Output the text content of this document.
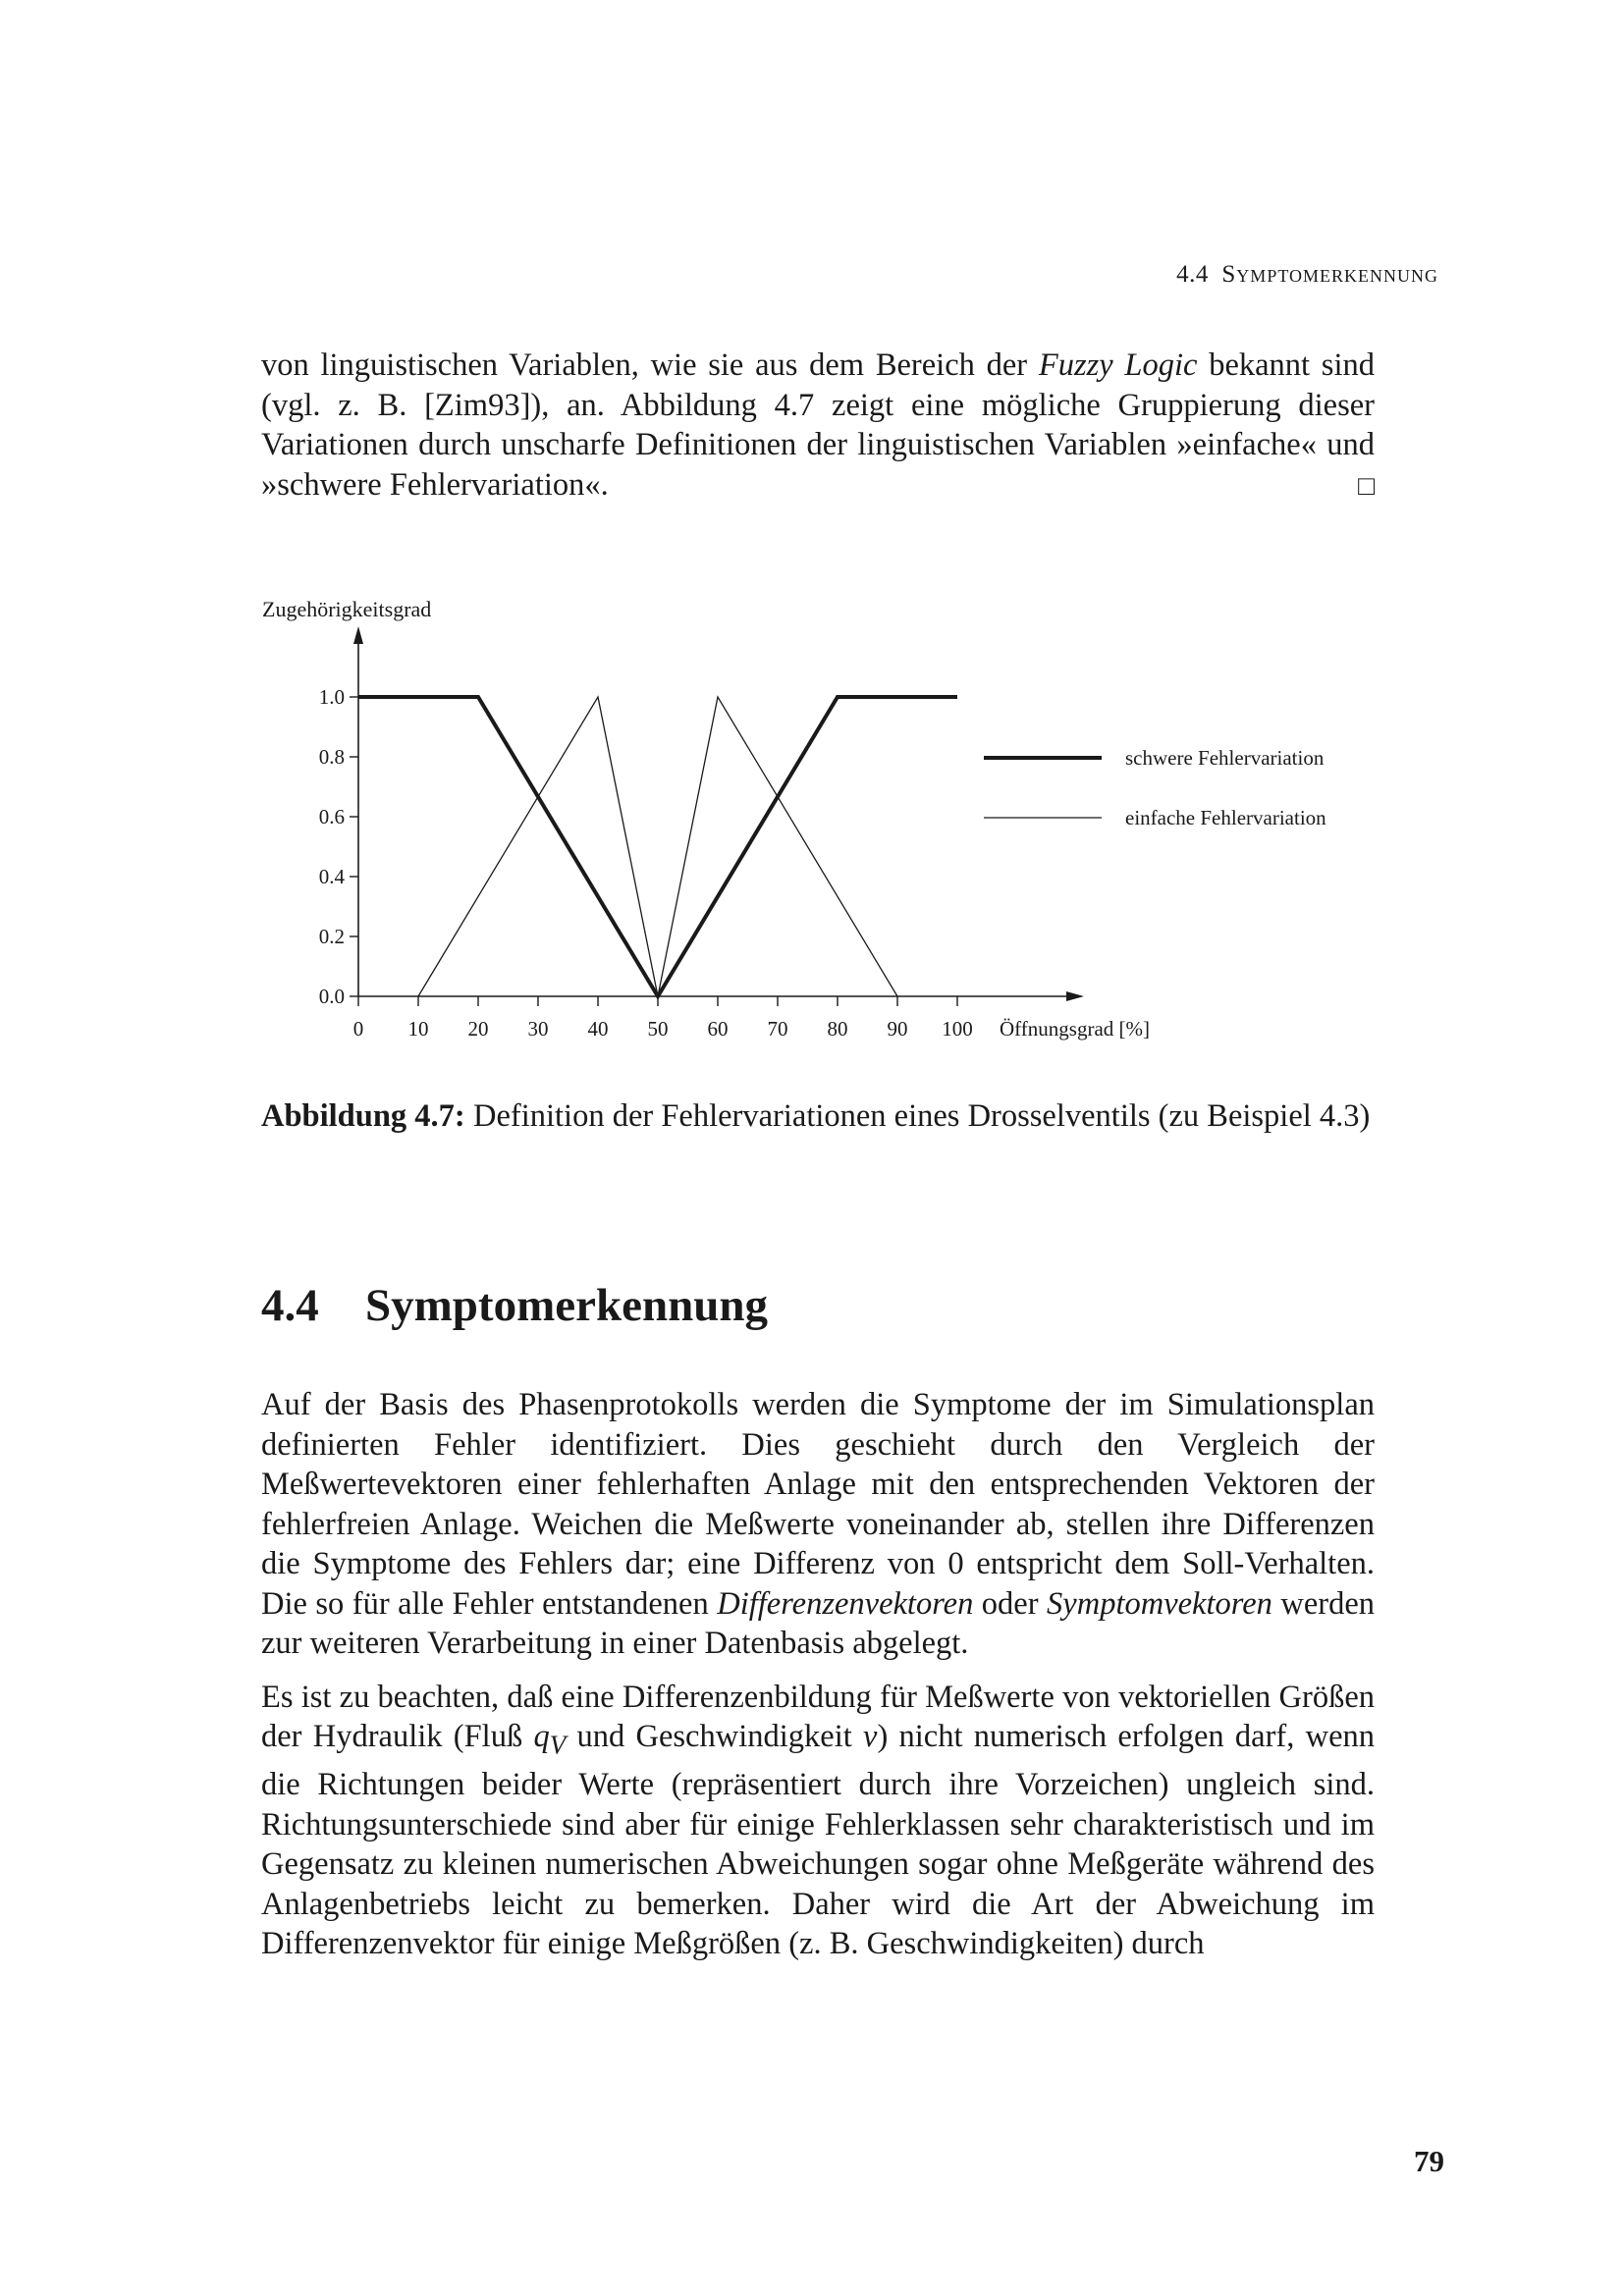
4.4 Symptomerkennung

von linguistischen Variablen, wie sie aus dem Bereich der Fuzzy Logic bekannt sind (vgl. z. B. [Zim93]), an. Abbildung 4.7 zeigt eine mögliche Gruppierung dieser Variationen durch unscharfe Definitionen der linguistischen Variablen »einfache« und »schwere Fehlervariation«.	□

Zugehörigkeitsgrad
0.0
0.2
0.4
0.6
0.8
1.0
0 10 20 30 40 50 60 70 80 90 100 Öffnungsgrad [%]
schwere Fehlervariation
einfache Fehlervariation
Abbildung 4.7: Definition der Fehlervariationen eines Drosselventils (zu Beispiel 4.3)
4.4 Symptomerkennung

Auf der Basis des Phasenprotokolls werden die Symptome der im Simulationsplan definierten Fehler identifiziert. Dies geschieht durch den Vergleich der Meßwertevektoren einer fehlerhaften Anlage mit den entsprechenden Vektoren der fehlerfreien Anlage. Weichen die Meßwerte voneinander ab, stellen ihre Differenzen die Symptome des Fehlers dar; eine Differenz von 0 entspricht dem Soll-Verhalten. Die so für alle Fehler entstandenen Differenzenvektoren oder Symptomvektoren werden zur weiteren Verarbeitung in einer Datenbasis abgelegt.

Es ist zu beachten, daß eine Differenzenbildung für Meßwerte von vektoriellen Größen der Hydraulik (Fluß $q_V$ und Geschwindigkeit v) nicht numerisch erfolgen darf, wenn die Richtungen beider Werte (repräsentiert durch ihre Vorzeichen) ungleich sind. Richtungsunterschiede sind aber für einige Fehlerklassen sehr charakteristisch und im Gegensatz zu kleinen numerischen Abweichungen sogar ohne Meßgeräte während des Anlagenbetriebs leicht zu bemerken. Daher wird die Art der Abweichung im Differenzenvektor für einige Meßgrößen (z. B. Geschwindigkeiten) durch

79
